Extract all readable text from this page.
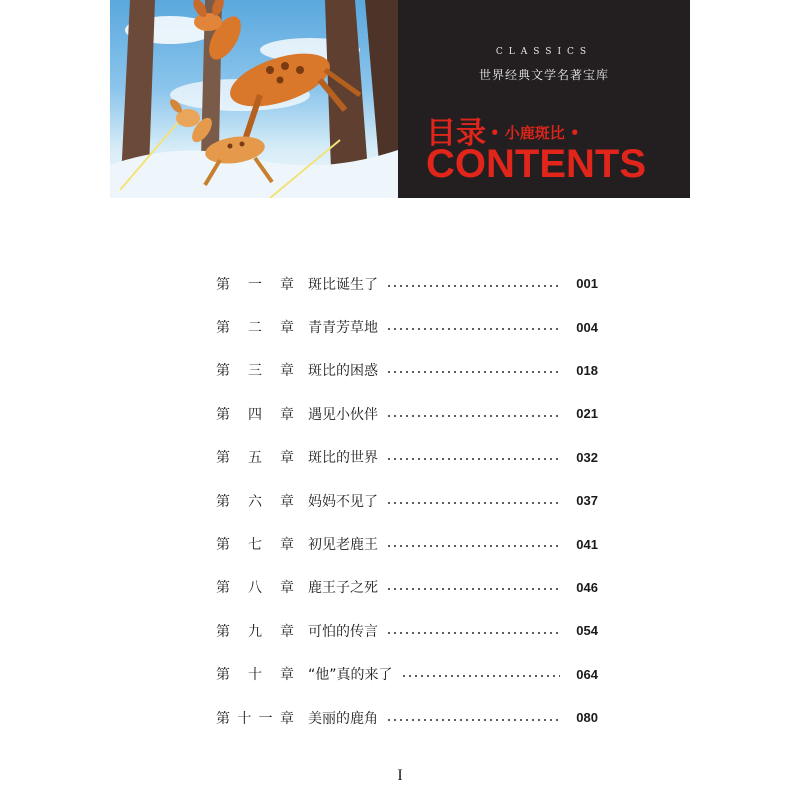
CLASSICS
世界经典文学名著宝库
目录 • 小鹿斑比 •
CONTENTS
第 一 章 斑比诞生了	001
第 二 章 青青芳草地	004
第 三 章 斑比的困惑	018
第 四 章 遇见小伙伴	021
第 五 章 斑比的世界	032
第 六 章 妈妈不见了	037
第 七 章 初见老鹿王	041
第 八 章 鹿王子之死	046
第 九 章 可怕的传言	054
第 十 章 “他”真的来了	064
第 十 一 章 美丽的鹿角	080
I
